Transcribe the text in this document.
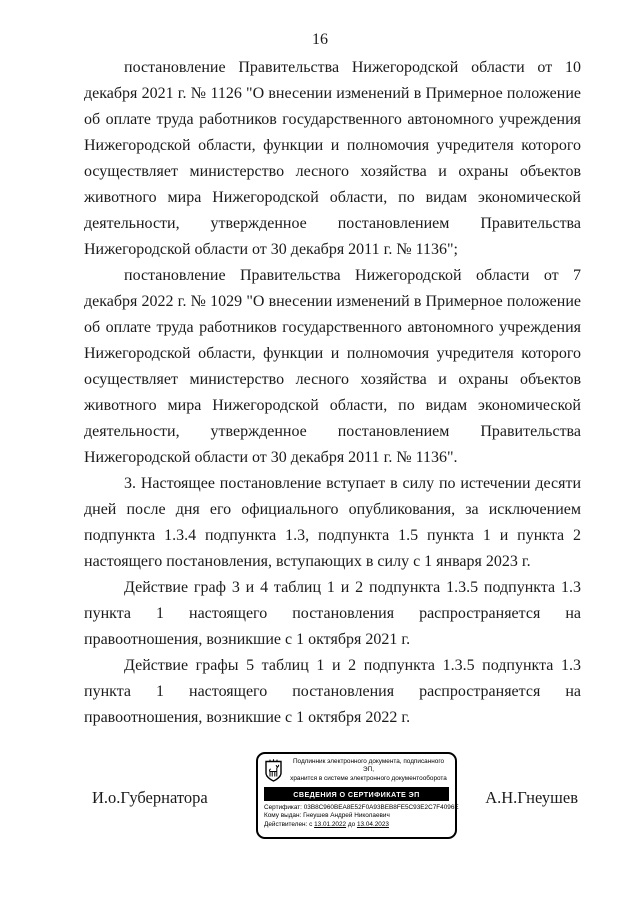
16

постановление Правительства Нижегородской области от 10 декабря 2021 г. № 1126 "О внесении изменений в Примерное положение об оплате труда работников государственного автономного учреждения Нижегородской области, функции и полномочия учредителя которого осуществляет министерство лесного хозяйства и охраны объектов животного мира Нижегородской области, по видам экономической деятельности, утвержденное постановлением Правительства Нижегородской области от 30 декабря 2011 г. № 1136";

постановление Правительства Нижегородской области от 7 декабря 2022 г. № 1029 "О внесении изменений в Примерное положение об оплате труда работников государственного автономного учреждения Нижегородской области, функции и полномочия учредителя которого осуществляет министерство лесного хозяйства и охраны объектов животного мира Нижегородской области, по видам экономической деятельности, утвержденное постановлением Правительства Нижегородской области от 30 декабря 2011 г. № 1136".

3. Настоящее постановление вступает в силу по истечении десяти дней после дня его официального опубликования, за исключением подпункта 1.3.4 подпункта 1.3, подпункта 1.5 пункта 1 и пункта 2 настоящего постановления, вступающих в силу с 1 января 2023 г.

Действие граф 3 и 4 таблиц 1 и 2 подпункта 1.3.5 подпункта 1.3 пункта 1 настоящего постановления распространяется на правоотношения, возникшие с 1 октября 2021 г.

Действие графы 5 таблиц 1 и 2 подпункта 1.3.5 подпункта 1.3 пункта 1 настоящего постановления распространяется на правоотношения, возникшие с 1 октября 2022 г.

И.о.Губернатора	А.Н.Гнеушев
Подлинник электронного документа, подписанного ЭП,
хранится в системе электронного документооборота
СВЕДЕНИЯ О СЕРТИФИКАТЕ ЭП
Сертификат: 03B8C960BEA8E52F0A93BEB8FE5C93E2C7F4096E
Кому выдан: Гнеушев Андрей Николаевич
Действителен: с 13.01.2022 до 13.04.2023
